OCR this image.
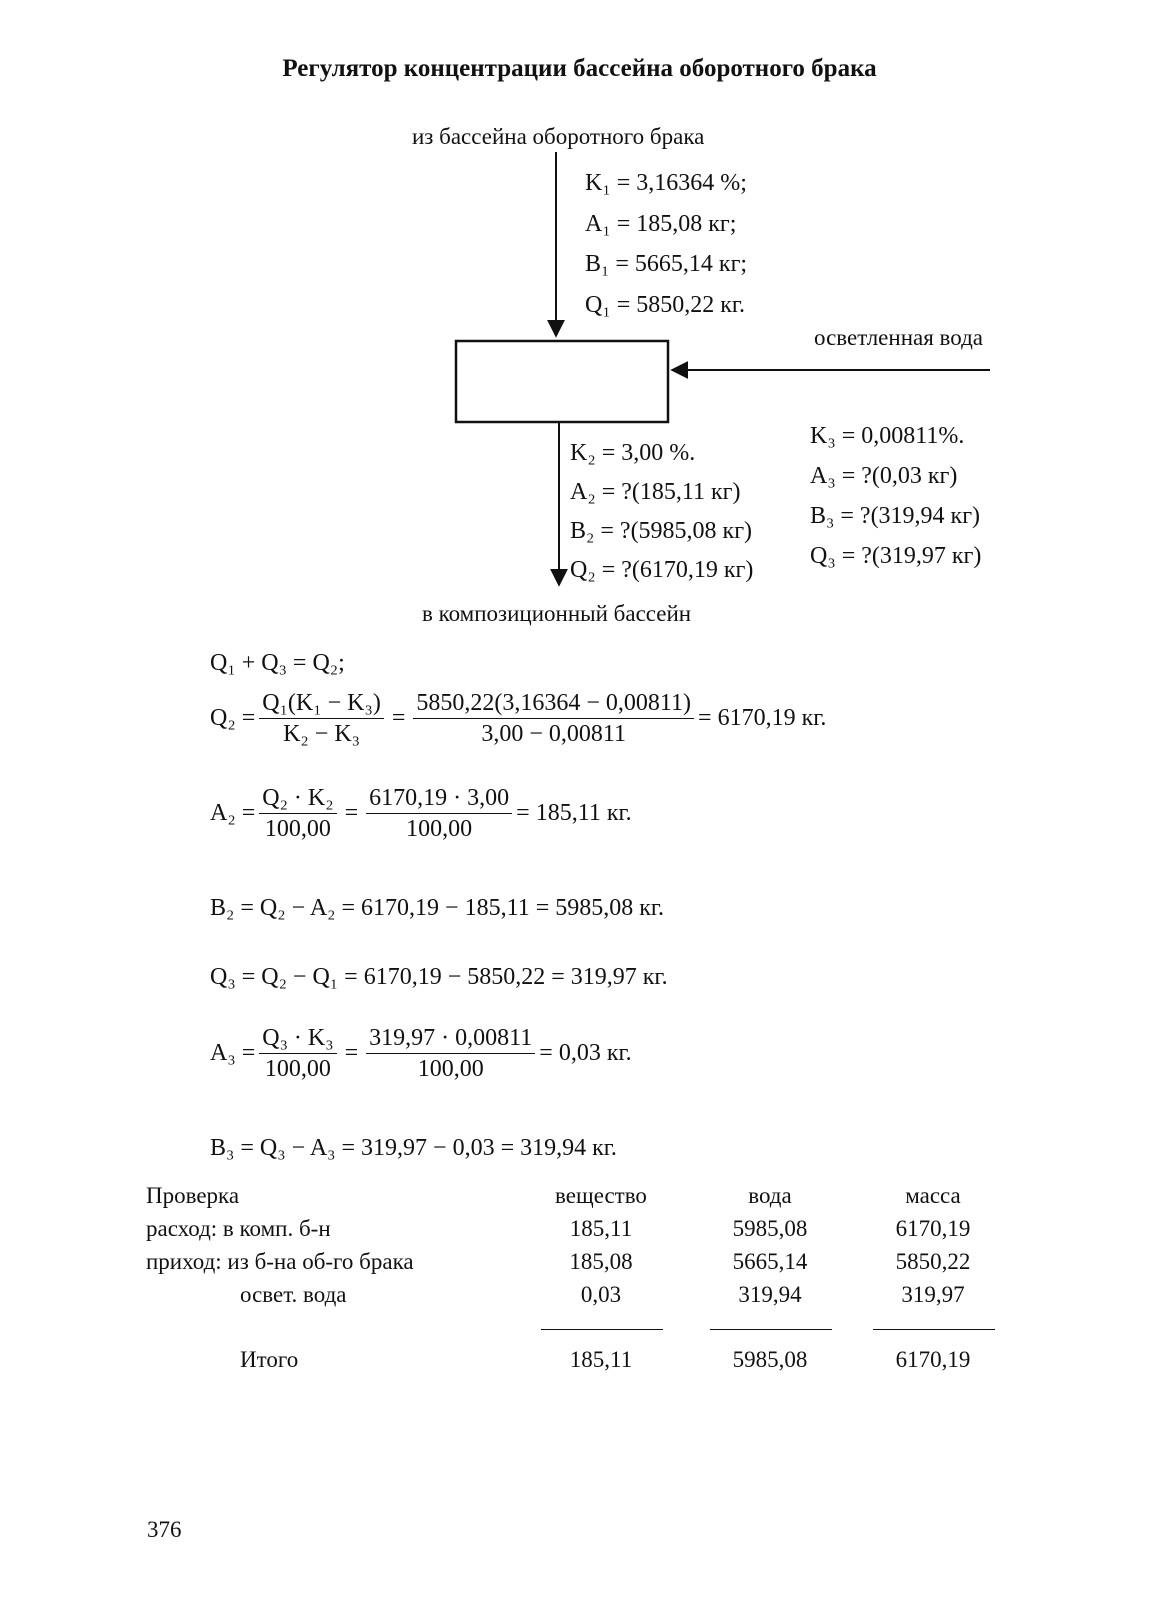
Регулятор концентрации бассейна оборотного брака
из бассейна оборотного брака
осветленная вода
в композиционный бассейн
K₁ = 3,16364 %;
A₁ = 185,08 кг;
B₁ = 5665,14 кг;
Q₁ = 5850,22 кг.
K₂ = 3,00 %.
A₂ = ?(185,11 кг)
B₂ = ?(5985,08 кг)
Q₂ = ?(6170,19 кг)
K₃ = 0,00811%.
A₃ = ?(0,03 кг)
B₃ = ?(319,94 кг)
Q₃ = ?(319,97 кг)
Q₁ + Q₃ = Q₂;
$Q_2 = \frac{\text{Q₁(K₁ − K₃)}}{\text{K₂ − K₃}} = \frac{5850,22(3,16364 - 0,00811)}{3,00 - 0,00811} = 6170,19$ кг.
$A_2 = \frac{\text{Q₂ · K₂}}{100,00} = \frac{6170,19 \cdot 3,00}{100,00} = 185,11$ кг.
B₂ = Q₂ − A₂ = 6170,19 − 185,11 = 5985,08 кг.
Q₃ = Q₂ − Q₁ = 6170,19 − 5850,22 = 319,97 кг.
$A_3 = \frac{\text{Q₃ · K₃}}{100,00} = \frac{319,97 \cdot 0,00811}{100,00} = 0,03$ кг.
B₃ = Q₃ − A₃ = 319,97 − 0,03 = 319,94 кг.
Проверка	вещество	вода	масса
расход: в комп. б-н	185,11	5985,08	6170,19
приход: из б-на об-го брака	185,08	5665,14	5850,22
освет. вода	0,03	319,94	319,97
Итого	185,11	5985,08	6170,19
376
